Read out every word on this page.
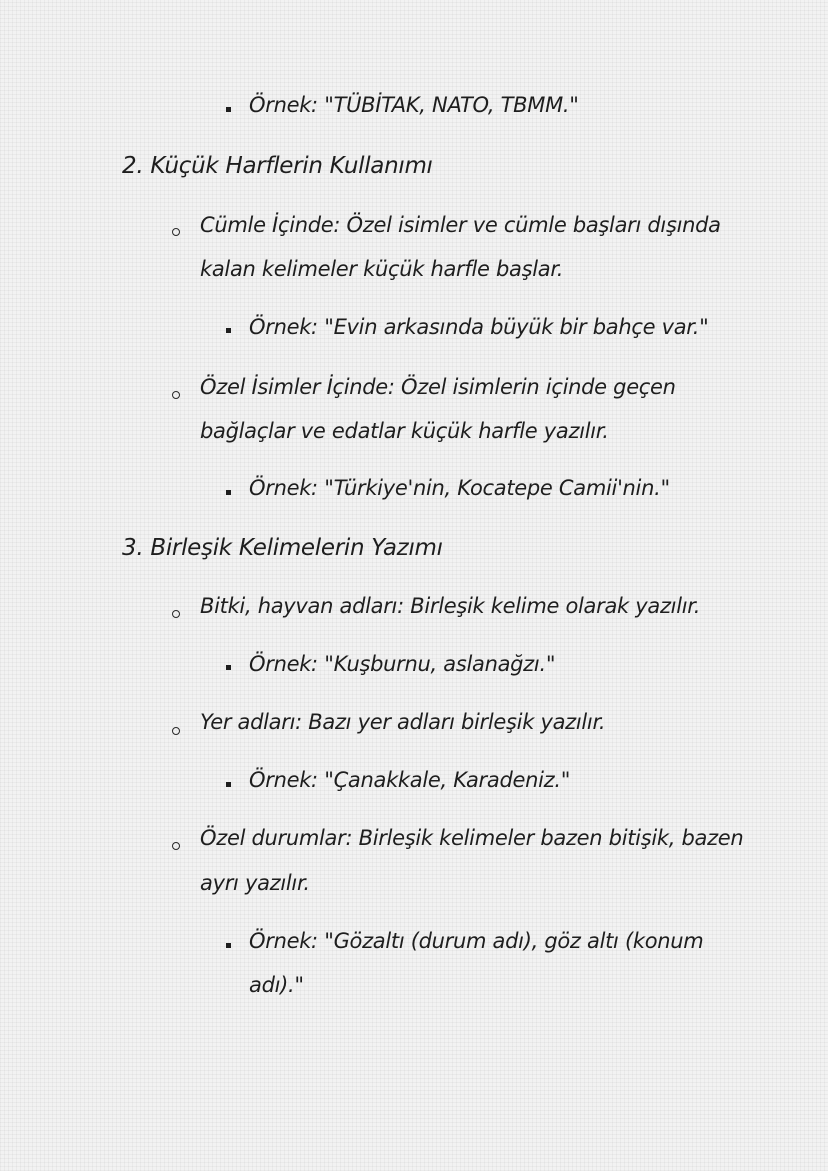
Örnek: "TÜBİTAK, NATO, TBMM."
2. Küçük Harflerin Kullanımı
Cümle İçinde: Özel isimler ve cümle başları dışında
kalan kelimeler küçük harfle başlar.
Örnek: "Evin arkasında büyük bir bahçe var."
Özel İsimler İçinde: Özel isimlerin içinde geçen
bağlaçlar ve edatlar küçük harfle yazılır.
Örnek: "Türkiye'nin, Kocatepe Camii'nin."
3. Birleşik Kelimelerin Yazımı
Bitki, hayvan adları: Birleşik kelime olarak yazılır.
Örnek: "Kuşburnu, aslanağzı."
Yer adları: Bazı yer adları birleşik yazılır.
Örnek: "Çanakkale, Karadeniz."
Özel durumlar: Birleşik kelimeler bazen bitişik, bazen
ayrı yazılır.
Örnek: "Gözaltı (durum adı), göz altı (konum
adı)."
